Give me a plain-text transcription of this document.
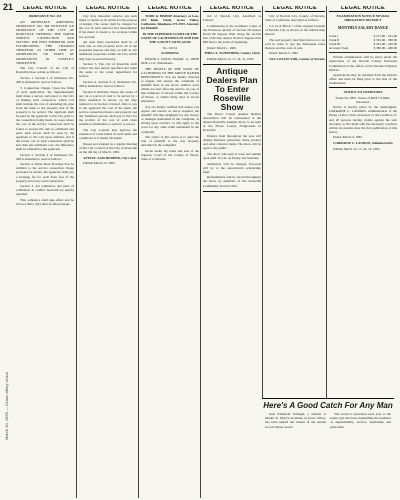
21
March 10, 1965 — Grass Valley Union
LEGAL NOTICE

ORDINANCE NO. 233

AN ORDINANCE AMENDING ORDINANCE NO. 208 ENTITLED 'AN ORDINANCE OF THE CITY OF ROSEVILLE DEFINING THE WATER SERVICE CONNECTION AND SETTING THE FEES THEREFOR AND ESTABLISHING THE CHARGES THEREFOR, AS OTHER TIME AS ORDINANCES OR PARTS OF ORDINANCES IN CONFLICT THEREWITH'.

The City Council of the City of Roseville Does ordain as follows:

Section 1. Section 3 of Ordinance No. 208 is amended to read as follows:

3. Connection Charge. Upon the filing of such application, the Superintendent shall make a survey and report to the City of making such connection, which cost shall include the cost of extending the pipe from the main to the property line of the property to be served. The applicant shall be paid by the applicant to the City prior to the connection being made. In cases where the cost of the service connection shall be found to exceed the sum so estimated and paid, such excess shall be paid by the applicant to the City upon demand, and if the actual cost of such connection shall be less than the estimated cost, the difference shall be refunded to the applicant.

Section 2. Section 4 of Ordinance No. 208 is amended to read as follows:

Section 4. Water Main Frontage Fee. In addition to the service connection charge provided for herein, the applicant shall pay a frontage fee for each front foot of the property served by such connection.

Section 3. All ordinances and parts of ordinances in conflict herewith are hereby repealed.

This ordinance shall take effect and be in force thirty days after its final passage.

LEGAL NOTICE

City may thereafter remove any such meter or meters at its option for the purpose of testing. The owner shall be charged for the cost of such removal and reinstallation if the meter is found to be accurate within two percent.

All such main extensions shall be of such size as will properly serve all of the properties thereon and may, as well as any additional properties within the City which may later be served thereby.

Section 5. The city of Roseville shall collect the fees herein specified and remit the same to the water department for service.

Section 6. Section 6 of Ordinance No. 208 is amended to read as follows:

Section 6. Refunds. Where the owner of any lot or parcel of land to be served by a main extension as shown on the map referred to in Section 4 hereof, fails to pay to the applicant the cost of the main, the service connection thereto and property and any benefited persons shall pay to the City the portion of the cost of such main extension attributable to such lot or parcel.

The City Council may approve the extension of water mains on such terms and conditions as it deems advisable.

Passed and adopted as a regular meeting of the City Council of the City of Roseville on the 4th day of March, 1965.

ATTEST: SAM HOOPER, City Clerk

Publish March 10, 1965.

LEGAL NOTICE

TODD & BISHOP Attorneys at Law, 123 Bank Street, Grass Valley, California. Telephone 273-4393. Attorney for Plaintiff.

IN THE SUPERIOR COURT OF THE STATE OF CALIFORNIA IN AND FOR THE COUNTY OF PLACER

No. 32154

SUMMONS

EDWIN S. DAVIS, Plaintiff, vs. JOHN DOE, et al., Defendants.

THE PEOPLE OF THE STATE OF CALIFORNIA TO THE ABOVE NAMED DEFENDANTS: You are hereby directed to appear and answer the complaint of plaintiff filed in the above entitled court within ten days after the service on you of this summons, if served within the County of Placer, or within thirty days if served elsewhere.

You are hereby notified that unless you appear and answer as above required, the plaintiff will take judgment for any money or damages demanded in the complaint, as arising upon contract, or will apply to the court for any other relief demanded in the complaint.

The object of this action is to quiet the title of plaintiff to the real property described in the complaint.

Given under my hand and seal of the Superior Court of the County of Placer, State of California.

LEGAL NOTICE

tral of Nevada City, described as follows:

Commencing at the Southeast corner of the Northeast quarter of Section 28, thence North 89 degrees West along the section line 1320 feet; thence North 0 degrees East 660 feet to the point of beginning.

Dated: March 1, 1965.

THEO. A. SCHNEIDER, County Clerk

Publish March 10, 17, 24, 31, 1965.

Antique Dealers Plan To Enter Roseville Show

The Placer County Antique Dealers Association will be represented at the annual Roseville Antique Show to be held at the Placer County Fairgrounds in Roseville.

Dealers from throughout the area will display furniture, glassware, china, jewelry and other collector items. The show will be open to the public.

The show will open at noon and remain open until 10 p.m. on Friday and Saturday.

Admission will be charged. Proceeds will go to the association's scholarship fund.

Refreshments will be served throughout the show by members of the Roseville Community Service Club.

LEGAL NOTICE

City of Nevada City, County of Nevada, State of California, described as follows:

Lot 14 of Block 7 of the original townsite of Nevada City as shown on the official map thereof.

The real property described above is to be sold in order to pay the delinquent taxes thereon and the costs of sale.

Dated: March 5, 1965

TAX COLLECTOR, County of Nevada

LEGAL NOTICE

EXAMINATION NOTICE NEVADA IRRIGATION DISTRICT

MONTHLY SALARY RANGE

Clerk I	$ 271.00 - 341.00
Clerk II	$ 301.00 - 380.00
Clerk III	$ 341.00 - 430.00
Account Clerk	$ 380.00 - 480.00

Written examinations will be given under the supervision of the Nevada County Personnel Commission at the offices of the Nevada Irrigation District.

Applications may be obtained from the District office and must be filed prior to the date of the examination.

NOTICE TO CREDITORS

Estate No. 8871, Estate of ROY CLARK, Deceased.

Notice is hereby given by the undersigned, LORRAINE C. LANDON, Administratrix of the Estate of Roy Clark, deceased, to the Creditors of, and all persons having claims against the said decedent, to file them with the necessary vouchers within six months after the first publication of this notice.

Dated: March 4, 1965.

LORRAINE C. LANDON, Administratrix

Publish March 10, 17, 24, 31, 1965.

Here's A Good Catch For Any Man

June Elizabeth Schlegel, a student at Mount St. Mary's Academy in Grass Valley, has been named the winner of the annual Good Citizen award.

The award is presented each year to the senior girl who best exemplifies the qualities of dependability, service, leadership and patriotism.
